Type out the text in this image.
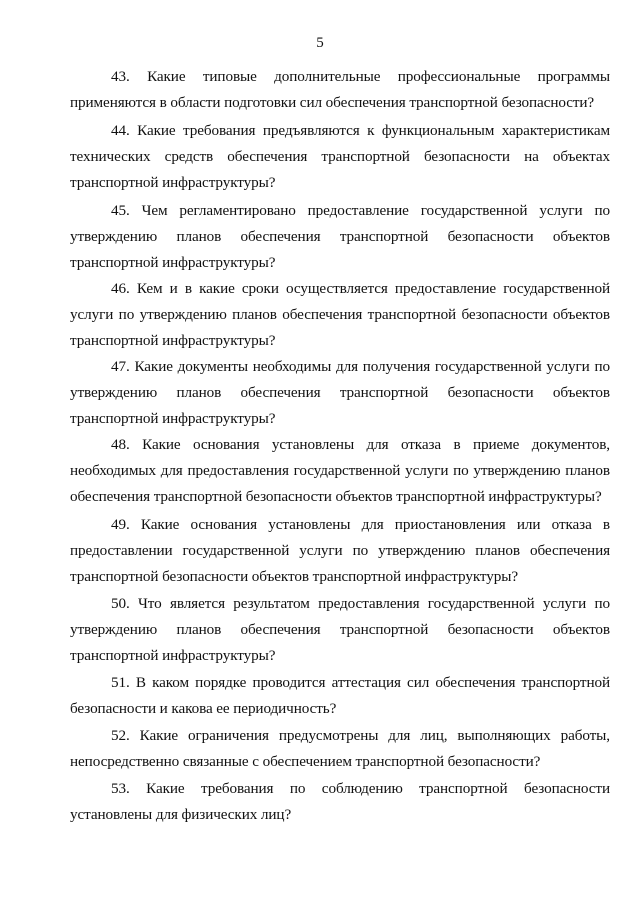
5

43. Какие типовые дополнительные профессиональные программы применяются в области подготовки сил обеспечения транспортной безопасности?

44. Какие требования предъявляются к функциональным характеристикам технических средств обеспечения транспортной безопасности на объектах транспортной инфраструктуры?

45. Чем регламентировано предоставление государственной услуги по утверждению планов обеспечения транспортной безопасности объектов транспортной инфраструктуры?

46. Кем и в какие сроки осуществляется предоставление государственной услуги по утверждению планов обеспечения транспортной безопасности объектов транспортной инфраструктуры?

47. Какие документы необходимы для получения государственной услуги по утверждению планов обеспечения транспортной безопасности объектов транспортной инфраструктуры?

48. Какие основания установлены для отказа в приеме документов, необходимых для предоставления государственной услуги по утверждению планов обеспечения транспортной безопасности объектов транспортной инфраструктуры?

49. Какие основания установлены для приостановления или отказа в предоставлении государственной услуги по утверждению планов обеспечения транспортной безопасности объектов транспортной инфраструктуры?

50. Что является результатом предоставления государственной услуги по утверждению планов обеспечения транспортной безопасности объектов транспортной инфраструктуры?

51. В каком порядке проводится аттестация сил обеспечения транспортной безопасности и какова ее периодичность?

52. Какие ограничения предусмотрены для лиц, выполняющих работы, непосредственно связанные с обеспечением транспортной безопасности?

53. Какие требования по соблюдению транспортной безопасности установлены для физических лиц?
